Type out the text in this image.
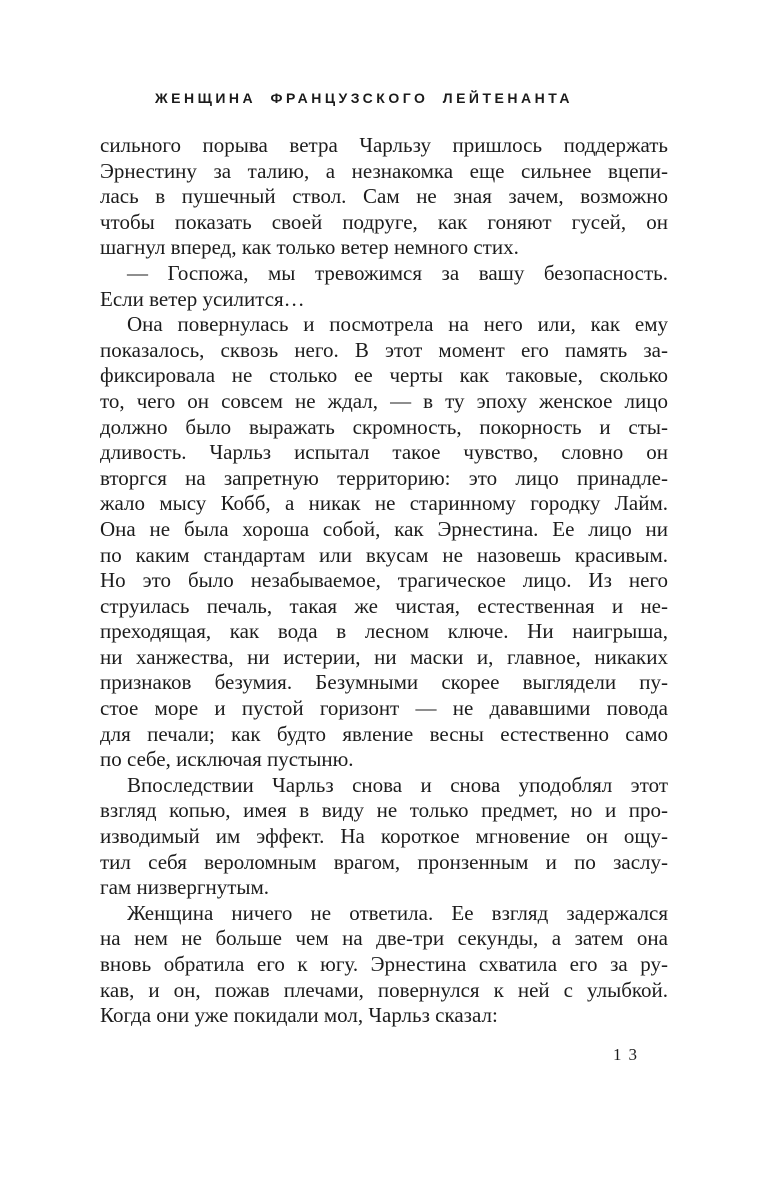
ЖЕНЩИНА ФРАНЦУЗСКОГО ЛЕЙТЕНАНТА
сильного порыва ветра Чарльзу пришлось поддержать
Эрнестину за талию, а незнакомка еще сильнее вцепи-
лась в пушечный ствол. Сам не зная зачем, возможно
чтобы показать своей подруге, как гоняют гусей, он
шагнул вперед, как только ветер немного стих.
— Госпожа, мы тревожимся за вашу безопасность.
Если ветер усилится…
Она повернулась и посмотрела на него или, как ему
показалось, сквозь него. В этот момент его память за-
фиксировала не столько ее черты как таковые, сколько
то, чего он совсем не ждал, — в ту эпоху женское лицо
должно было выражать скромность, покорность и сты-
дливость. Чарльз испытал такое чувство, словно он
вторгся на запретную территорию: это лицо принадле-
жало мысу Кобб, а никак не старинному городку Лайм.
Она не была хороша собой, как Эрнестина. Ее лицо ни
по каким стандартам или вкусам не назовешь красивым.
Но это было незабываемое, трагическое лицо. Из него
струилась печаль, такая же чистая, естественная и не-
преходящая, как вода в лесном ключе. Ни наигрыша,
ни ханжества, ни истерии, ни маски и, главное, никаких
признаков безумия. Безумными скорее выглядели пу-
стое море и пустой горизонт — не дававшими повода
для печали; как будто явление весны естественно само
по себе, исключая пустыню.
Впоследствии Чарльз снова и снова уподоблял этот
взгляд копью, имея в виду не только предмет, но и про-
изводимый им эффект. На короткое мгновение он ощу-
тил себя вероломным врагом, пронзенным и по заслу-
гам низвергнутым.
Женщина ничего не ответила. Ее взгляд задержался
на нем не больше чем на две-три секунды, а затем она
вновь обратила его к югу. Эрнестина схватила его за ру-
кав, и он, пожав плечами, повернулся к ней с улыбкой.
Когда они уже покидали мол, Чарльз сказал:
13
